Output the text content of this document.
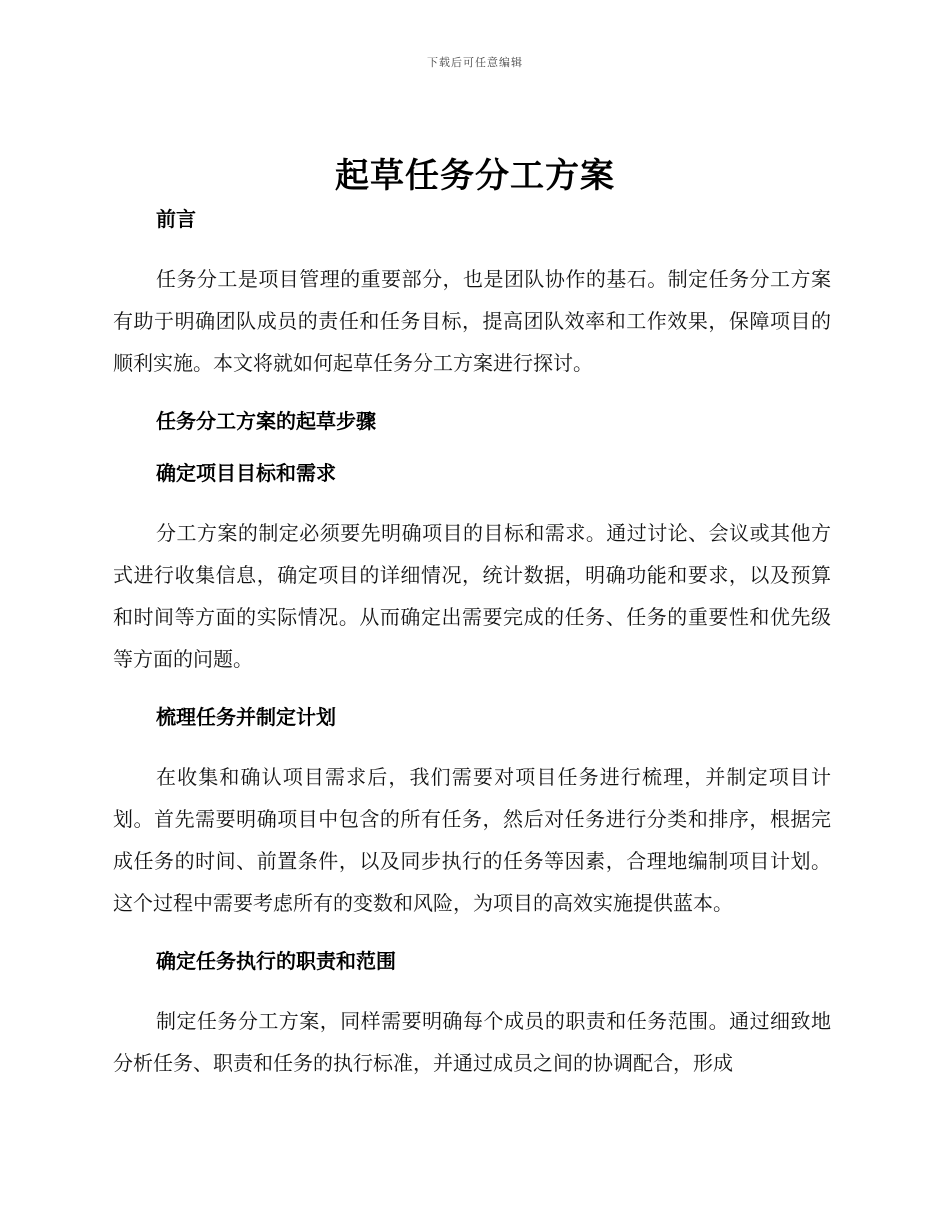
下载后可任意编辑
起草任务分工方案

前言

任务分工是项目管理的重要部分，也是团队协作的基石。制定任务分工方案有助于明确团队成员的责任和任务目标，提高团队效率和工作效果，保障项目的顺利实施。本文将就如何起草任务分工方案进行探讨。

任务分工方案的起草步骤

确定项目目标和需求

分工方案的制定必须要先明确项目的目标和需求。通过讨论、会议或其他方式进行收集信息，确定项目的详细情况，统计数据，明确功能和要求，以及预算和时间等方面的实际情况。从而确定出需要完成的任务、任务的重要性和优先级等方面的问题。

梳理任务并制定计划

在收集和确认项目需求后，我们需要对项目任务进行梳理，并制定项目计划。首先需要明确项目中包含的所有任务，然后对任务进行分类和排序，根据完成任务的时间、前置条件，以及同步执行的任务等因素，合理地编制项目计划。这个过程中需要考虑所有的变数和风险，为项目的高效实施提供蓝本。

确定任务执行的职责和范围

制定任务分工方案，同样需要明确每个成员的职责和任务范围。通过细致地分析任务、职责和任务的执行标准，并通过成员之间的协调配合，形成
